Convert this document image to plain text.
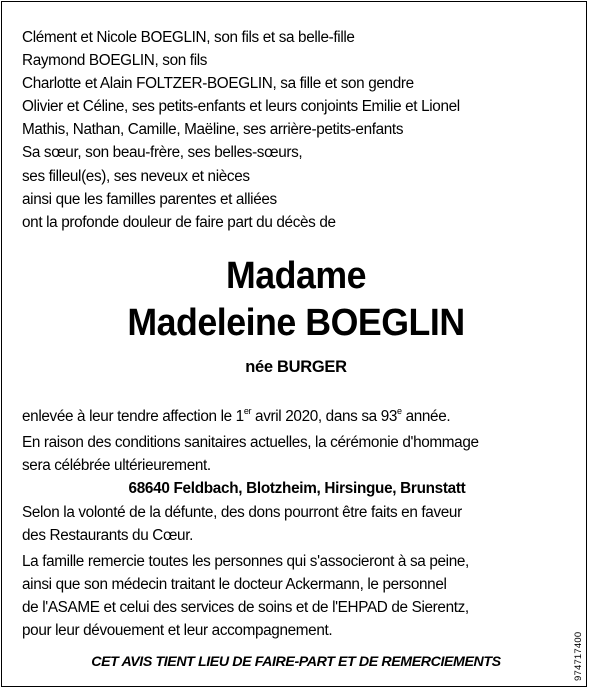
Clément et Nicole BOEGLIN, son fils et sa belle-fille
Raymond BOEGLIN, son fils
Charlotte et Alain FOLTZER-BOEGLIN, sa fille et son gendre
Olivier et Céline, ses petits-enfants et leurs conjoints Emilie et Lionel
Mathis, Nathan, Camille, Maëline, ses arrière-petits-enfants
Sa sœur, son beau-frère, ses belles-sœurs,
ses filleul(es), ses neveux et nièces
ainsi que les familles parentes et alliées
ont la profonde douleur de faire part du décès de
Madame
Madeleine BOEGLIN
née BURGER
enlevée à leur tendre affection le 1er avril 2020, dans sa 93e année.
En raison des conditions sanitaires actuelles, la cérémonie d'hommage
sera célébrée ultérieurement.
68640 Feldbach, Blotzheim, Hirsingue, Brunstatt
Selon la volonté de la défunte, des dons pourront être faits en faveur
des Restaurants du Cœur.
La famille remercie toutes les personnes qui s'associeront à sa peine,
ainsi que son médecin traitant le docteur Ackermann, le personnel
de l'ASAME et celui des services de soins et de l'EHPAD de Sierentz,
pour leur dévouement et leur accompagnement.
CET AVIS TIENT LIEU DE FAIRE-PART ET DE REMERCIEMENTS	974717400
